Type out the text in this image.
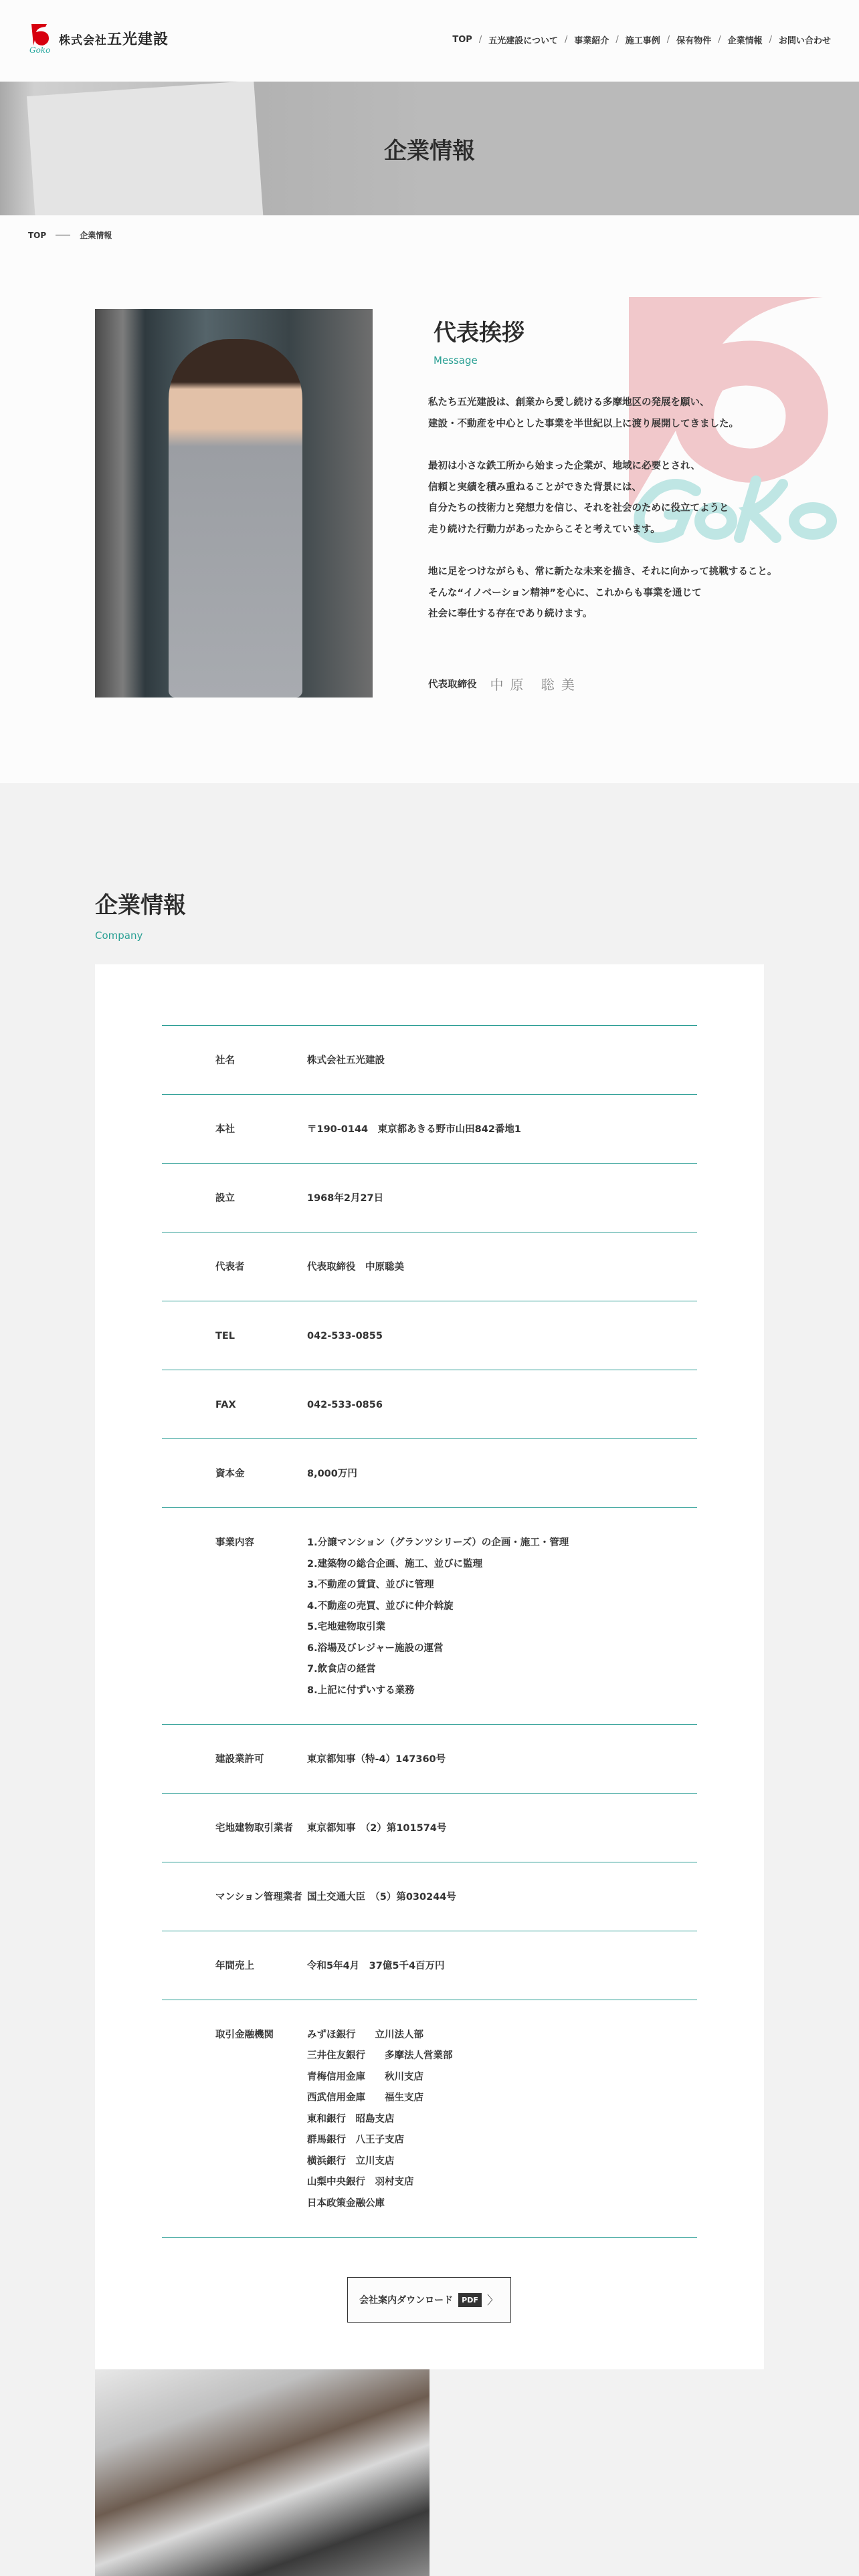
Goko
株式会社五光建設	TOP / 五光建設について / 事業紹介 / 施工事例 / 保有物件 / 企業情報 / お問い合わせ
企業情報
TOP	企業情報
代表挨拶
Message
私たち五光建設は、創業から愛し続ける多摩地区の発展を願い、
建設・不動産を中心とした事業を半世紀以上に渡り展開してきました。
最初は小さな鉄工所から始まった企業が、地域に必要とされ、
信頼と実績を積み重ねることができた背景には、
自分たちの技術力と発想力を信じ、それを社会のために役立てようと
走り続けた行動力があったからこそと考えています。
地に足をつけながらも、常に新たな未来を描き、それに向かって挑戦すること。
そんな“イノベーション精神”を心に、これからも事業を通じて
社会に奉仕する存在であり続けます。
代表取締役 中原 聡美
企業情報
Company
社名	株式会社五光建設
本社	〒190-0144　東京都あきる野市山田842番地1
設立	1968年2月27日
代表者	代表取締役　中原聡美
TEL	042-533-0855
FAX	042-533-0856
資本金	8,000万円
事業内容	1.分譲マンション（グランツシリーズ）の企画・施工・管理
2.建築物の総合企画、施工、並びに監理
3.不動産の賃貸、並びに管理
4.不動産の売買、並びに仲介斡旋
5.宅地建物取引業
6.浴場及びレジャー施設の運営
7.飲食店の経営
8.上記に付ずいする業務
建設業許可	東京都知事（特-4）147360号
宅地建物取引業者	東京都知事　（2）第101574号
マンション管理業者 国土交通大臣　（5）第030244号
年間売上	令和5年4月　37億5千4百万円
取引金融機関	みずほ銀行　　立川法人部
三井住友銀行　　多摩法人営業部
青梅信用金庫　　秋川支店
西武信用金庫　　福生支店
東和銀行　昭島支店
群馬銀行　八王子支店
横浜銀行　立川支店
山梨中央銀行　羽村支店
日本政策金融公庫
会社案内ダウンロード	PDF 〉
